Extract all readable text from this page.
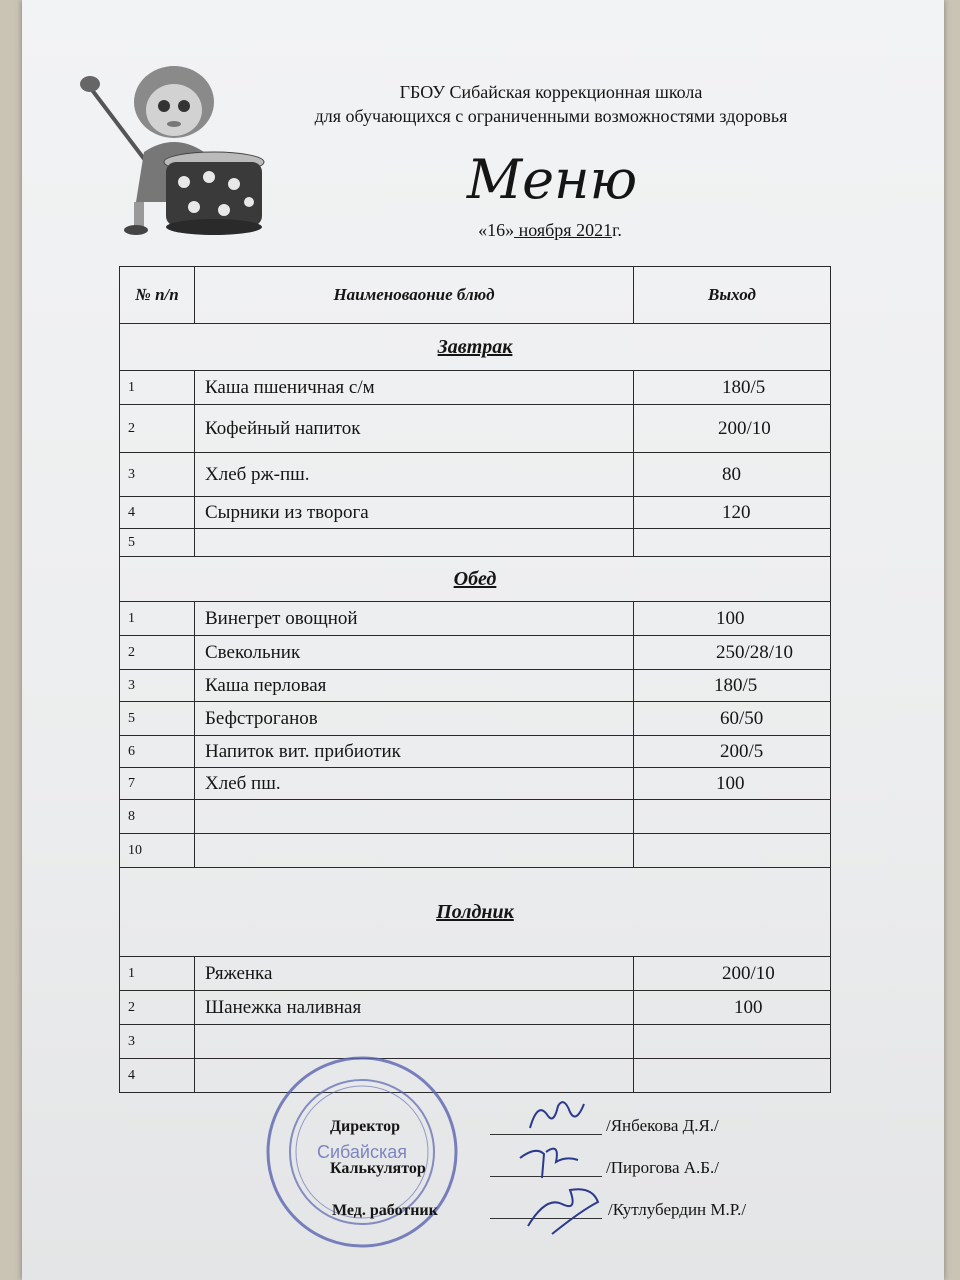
ГБОУ Сибайская коррекционная школа
для обучающихся с ограниченными возможностями здоровья
Меню
«16» ноября 2021г.
№ п/п	Наименоваоние блюд	Выход
Завтрак		
1	Каша пшеничная с/м	180/5
2	Кофейный напиток	200/10
3	Хлеб рж-пш.	80
4	Сырники из творога	120
5		
Обед		
1	Винегрет овощной	100
2	Свекольник	250/28/10
3	Каша перловая	180/5
5	Бефстроганов	60/50
6	Напиток вит. прибиотик	200/5
7	Хлеб пш.	100
8		
10		
Полдник		
1	Ряженка	200/10
2	Шанежка наливная	100
3		
4		
Сибайская
Директор
Калькулятор
Мед. работник
/Янбекова Д.Я./
/Пирогова А.Б./
/Кутлубердин М.Р./
